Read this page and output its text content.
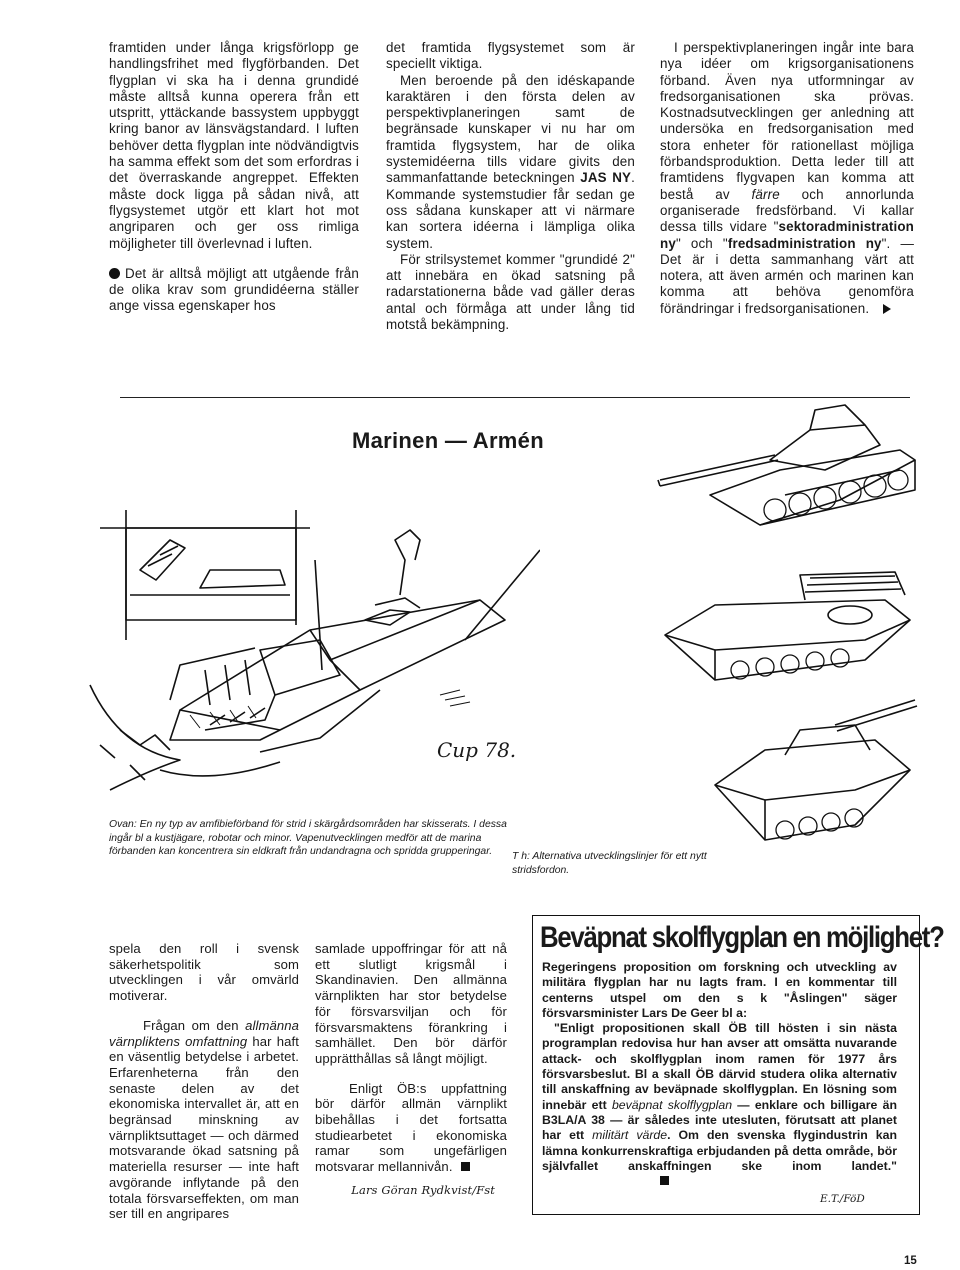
framtiden under långa krigsförlopp ge handlingsfrihet med flygförbanden. Det flygplan vi ska ha i denna grundidé måste alltså kunna operera från ett utspritt, yttäckande bassystem uppbyggt kring banor av länsvägstandard. I luften behöver detta flygplan inte nödvändigtvis ha samma effekt som det som erfordras i det överraskande angreppet. Effekten måste dock ligga på sådan nivå, att flygsystemet utgör ett klart hot mot angriparen och ger oss rimliga möjligheter till överlevnad i luften.

Det är alltså möjligt att utgående från de olika krav som grundidéerna ställer ange vissa egenskaper hos

det framtida flygsystemet som är speciellt viktiga.

Men beroende på den idéskapande karaktären i den första delen av perspektivplaneringen samt de begränsade kunskaper vi nu har om framtida flygsystem, har de olika systemidéerna tills vidare givits den sammanfattande beteckningen JAS NY. Kommande systemstudier får sedan ge oss sådana kunskaper att vi närmare kan sortera idéerna i lämpliga olika system.

För strilsystemet kommer "grundidé 2" att innebära en ökad satsning på radarstationerna både vad gäller deras antal och förmåga att under lång tid motstå bekämpning.

I perspektivplaneringen ingår inte bara nya idéer om krigsorganisationens förband. Även nya utformningar av fredsorganisationen ska prövas. Kostnadsutvecklingen ger anledning att undersöka en fredsorganisation med stora enheter för rationellast möjliga förbandsproduktion. Detta leder till att framtidens flygvapen kan komma att bestå av färre och annorlunda organiserade fredsförband. Vi kallar dessa tills vidare "sektoradministration ny" och "fredsadministration ny". — Det är i detta sammanhang värt att notera, att även armén och marinen kan komma att behöva genomföra förändringar i fredsorganisationen.

Marinen — Armén
Cup 78.
Ovan: En ny typ av amfibieförband för strid i skärgårdsområden har skisserats. I dessa ingår bl a kustjägare, robotar och minor. Vapenutvecklingen medför att de marina förbanden kan koncentrera sin eldkraft från undandragna och spridda grupperingar.	T h: Alternativa utvecklingslinjer för ett nytt stridsfordon.

spela den roll i svensk säkerhetspolitik som utvecklingen i vår omvärld motiverar.

Frågan om den allmänna värnpliktens omfattning har haft en väsentlig betydelse i arbetet. Erfarenheterna från den senaste delen av det ekonomiska intervallet är, att en begränsad minskning av värnpliktsuttaget — och därmed motsvarande ökad satsning på materiella resurser — inte haft avgörande inflytande på den totala försvarseffekten, om man ser till en angripares

samlade uppoffringar för att nå ett slutligt krigsmål i Skandinavien. Den allmänna värnplikten har stor betydelse för försvarsviljan och för försvarsmaktens förankring i samhället. Den bör därför upprätthållas så långt möjligt.

Enligt ÖB:s uppfattning bör därför allmän värnplikt bibehållas i det fortsatta studiearbetet i ekonomiska ramar som ungefärligen motsvarar mellannivån.

Lars Göran Rydkvist/Fst
Beväpnat skolflygplan en möjlighet?

Regeringens proposition om forskning och utveckling av militära flygplan har nu lagts fram. I en kommentar till centerns utspel om den s k "Åslingen" säger försvarsminister Lars De Geer bl a:

"Enligt propositionen skall ÖB till hösten i sin nästa programplan redovisa hur han avser att omsätta nuvarande attack- och skolflygplan inom ramen för 1977 års försvarsbeslut. Bl a skall ÖB därvid studera olika alternativ till anskaffning av beväpnade skolflygplan. En lösning som innebär ett beväpnat skolflygplan — enklare och billigare än B3LA/A 38 — är således inte utesluten, förutsatt att planet har ett militärt värde. Om den svenska flygindustrin kan lämna konkurrenskraftiga erbjudanden på detta område, bör självfallet anskaffningen ske inom landet."

E.T./FöD
15
